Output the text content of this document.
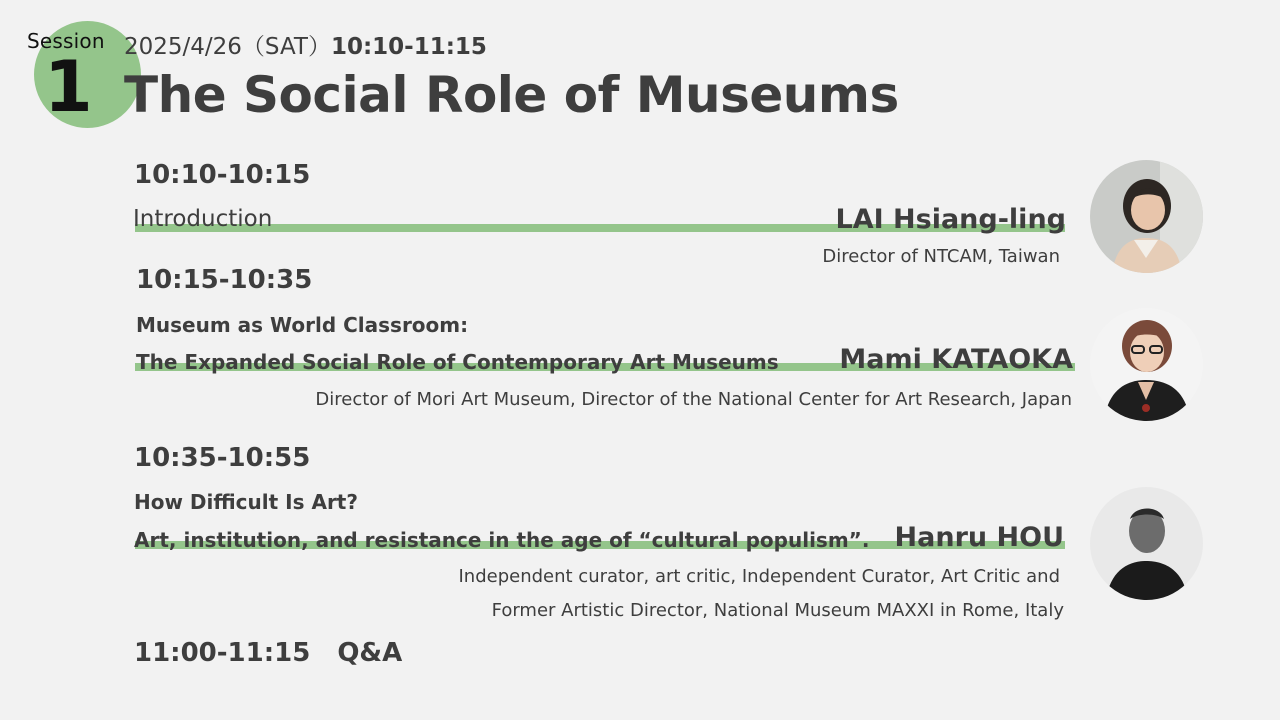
Session
1 2025/4/26（SAT）10:10-11:15
The Social Role of Museums
10:10-10:15
Introduction	LAI Hsiang-ling
Director of NTCAM, Taiwan
10:15-10:35
Museum as World Classroom:
The Expanded Social Role of Contemporary Art Museums Mami KATAOKA
Director of Mori Art Museum, Director of the National Center for Art Research, Japan
10:35-10:55
How Difficult Is Art?
Art, institution, and resistance in the age of “cultural populism”. Hanru HOU
Independent curator, art critic, Independent Curator, Art Critic and
Former Artistic Director, National Museum MAXXI in Rome, Italy
11:00-11:15 Q&A
